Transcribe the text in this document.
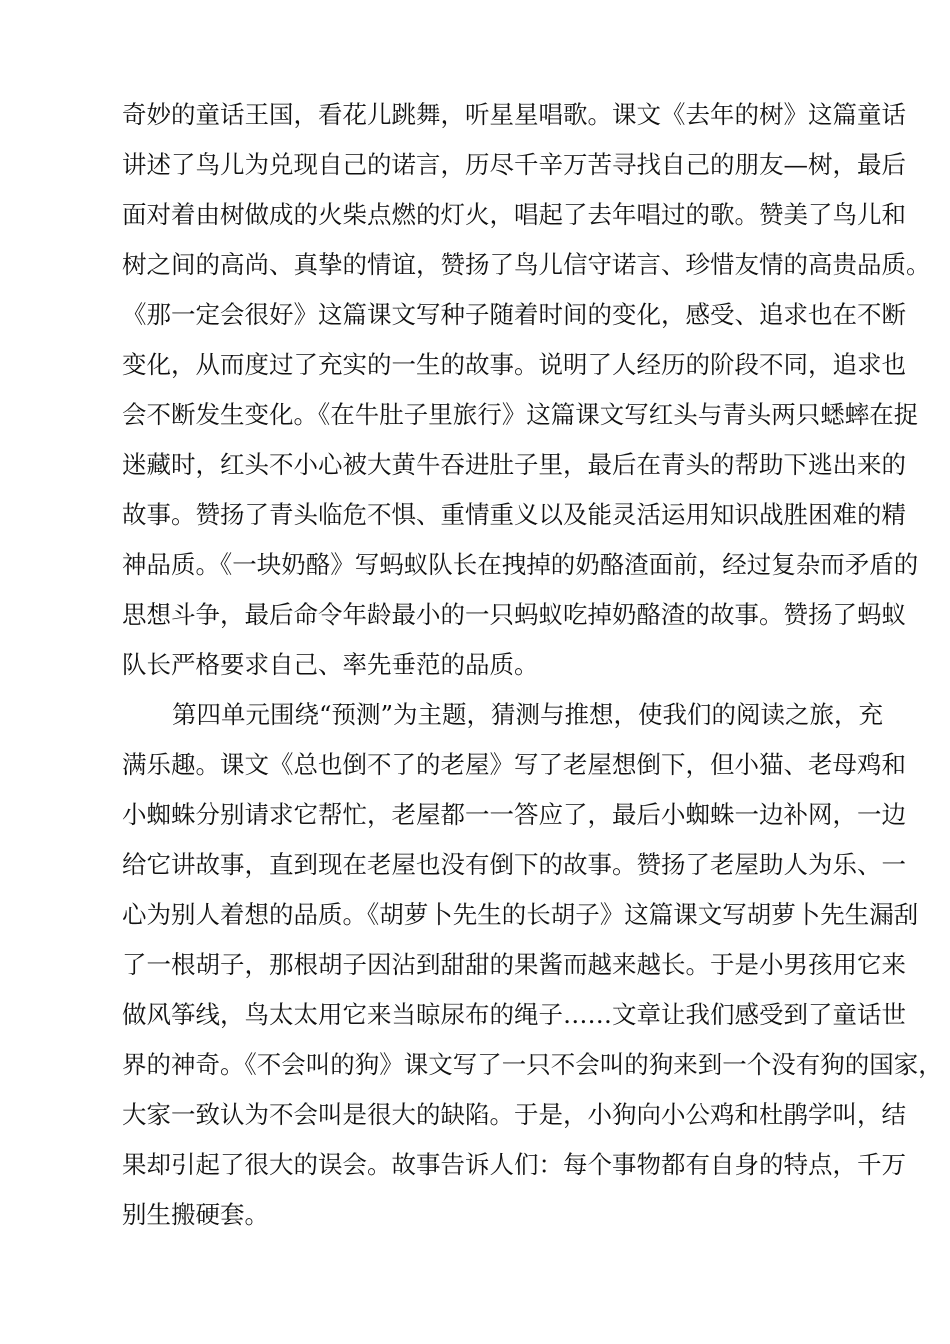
奇妙的童话王国，看花儿跳舞，听星星唱歌。课文《去年的树》这篇童话
讲述了鸟儿为兑现自己的诺言，历尽千辛万苦寻找自己的朋友—树，最后
面对着由树做成的火柴点燃的灯火，唱起了去年唱过的歌。赞美了鸟儿和
树之间的高尚、真挚的情谊，赞扬了鸟儿信守诺言、珍惜友情的高贵品质。
《那一定会很好》这篇课文写种子随着时间的变化，感受、追求也在不断
变化，从而度过了充实的一生的故事。说明了人经历的阶段不同，追求也
会不断发生变化。《在牛肚子里旅行》这篇课文写红头与青头两只蟋蟀在捉
迷藏时，红头不小心被大黄牛吞进肚子里，最后在青头的帮助下逃出来的
故事。赞扬了青头临危不惧、重情重义以及能灵活运用知识战胜困难的精
神品质。《一块奶酪》写蚂蚁队长在拽掉的奶酪渣面前，经过复杂而矛盾的
思想斗争，最后命令年龄最小的一只蚂蚁吃掉奶酪渣的故事。赞扬了蚂蚁
队长严格要求自己、率先垂范的品质。
第四单元围绕“预测”为主题，猜测与推想，使我们的阅读之旅，充
满乐趣。课文《总也倒不了的老屋》写了老屋想倒下，但小猫、老母鸡和
小蜘蛛分别请求它帮忙，老屋都一一答应了，最后小蜘蛛一边补网，一边
给它讲故事，直到现在老屋也没有倒下的故事。赞扬了老屋助人为乐、一
心为别人着想的品质。《胡萝卜先生的长胡子》这篇课文写胡萝卜先生漏刮
了一根胡子，那根胡子因沾到甜甜的果酱而越来越长。于是小男孩用它来
做风筝线，鸟太太用它来当晾尿布的绳子……文章让我们感受到了童话世
界的神奇。《不会叫的狗》课文写了一只不会叫的狗来到一个没有狗的国家，
大家一致认为不会叫是很大的缺陷。于是，小狗向小公鸡和杜鹃学叫，结
果却引起了很大的误会。故事告诉人们：每个事物都有自身的特点，千万
别生搬硬套。
